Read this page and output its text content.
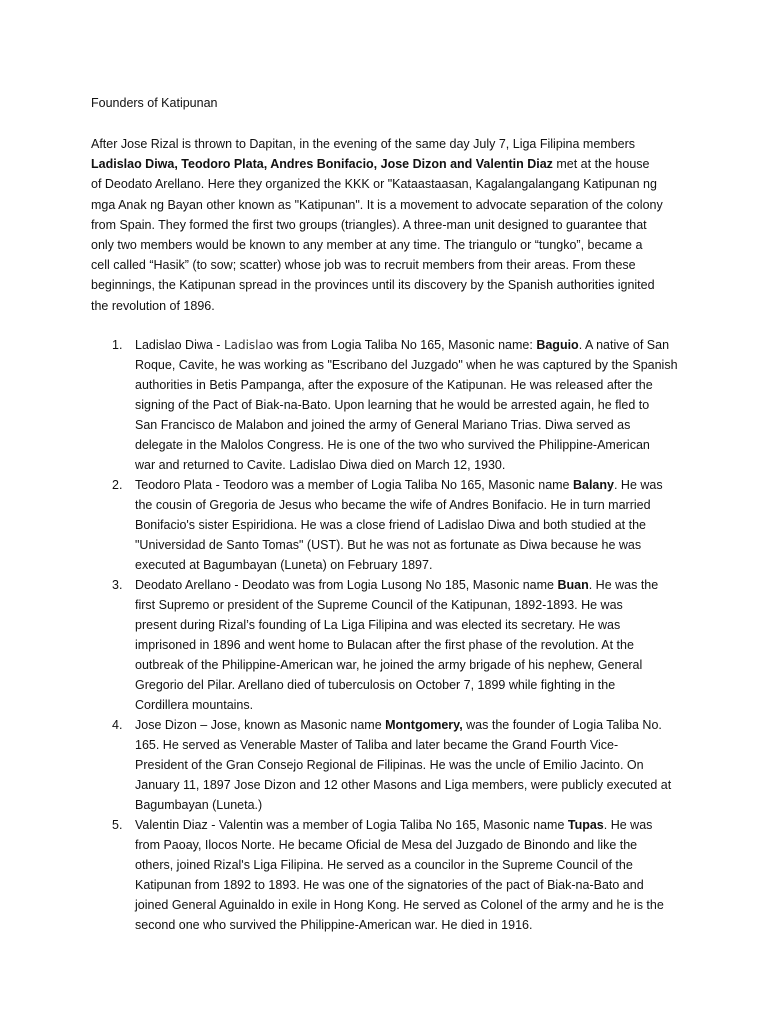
Founders of Katipunan

After Jose Rizal is thrown to Dapitan, in the evening of the same day July 7, Liga Filipina members
Ladislao Diwa, Teodoro Plata, Andres Bonifacio, Jose Dizon and Valentin Diaz met at the house
of Deodato Arellano. Here they organized the KKK or "Kataastaasan, Kagalangalangang Katipunan ng
mga Anak ng Bayan other known as "Katipunan". It is a movement to advocate separation of the colony
from Spain. They formed the first two groups (triangles). A three-man unit designed to guarantee that
only two members would be known to any member at any time. The triangulo or “tungko”, became a
cell called “Hasik” (to sow; scatter) whose job was to recruit members from their areas. From these
beginnings, the Katipunan spread in the provinces until its discovery by the Spanish authorities ignited
the revolution of 1896.

1. Ladislao Diwa - Ladislao was from Logia Taliba No 165, Masonic name: Baguio. A native of San
Roque, Cavite, he was working as "Escribano del Juzgado" when he was captured by the Spanish
authorities in Betis Pampanga, after the exposure of the Katipunan. He was released after the
signing of the Pact of Biak-na-Bato. Upon learning that he would be arrested again, he fled to
San Francisco de Malabon and joined the army of General Mariano Trias. Diwa served as
delegate in the Malolos Congress. He is one of the two who survived the Philippine-American
war and returned to Cavite. Ladislao Diwa died on March 12, 1930.
2. Teodoro Plata - Teodoro was a member of Logia Taliba No 165, Masonic name Balany. He was
the cousin of Gregoria de Jesus who became the wife of Andres Bonifacio. He in turn married
Bonifacio's sister Espiridiona. He was a close friend of Ladislao Diwa and both studied at the
"Universidad de Santo Tomas" (UST). But he was not as fortunate as Diwa because he was
executed at Bagumbayan (Luneta) on February 1897.
3. Deodato Arellano - Deodato was from Logia Lusong No 185, Masonic name Buan. He was the
first Supremo or president of the Supreme Council of the Katipunan, 1892-1893. He was
present during Rizal’s founding of La Liga Filipina and was elected its secretary. He was
imprisoned in 1896 and went home to Bulacan after the first phase of the revolution. At the
outbreak of the Philippine-American war, he joined the army brigade of his nephew, General
Gregorio del Pilar. Arellano died of tuberculosis on October 7, 1899 while fighting in the
Cordillera mountains.
4. Jose Dizon – Jose, known as Masonic name Montgomery, was the founder of Logia Taliba No.
165. He served as Venerable Master of Taliba and later became the Grand Fourth Vice-
President of the Gran Consejo Regional de Filipinas. He was the uncle of Emilio Jacinto. On
January 11, 1897 Jose Dizon and 12 other Masons and Liga members, were publicly executed at
Bagumbayan (Luneta.)
5. Valentin Diaz - Valentin was a member of Logia Taliba No 165, Masonic name Tupas. He was
from Paoay, Ilocos Norte. He became Oficial de Mesa del Juzgado de Binondo and like the
others, joined Rizal's Liga Filipina. He served as a councilor in the Supreme Council of the
Katipunan from 1892 to 1893. He was one of the signatories of the pact of Biak-na-Bato and
joined General Aguinaldo in exile in Hong Kong. He served as Colonel of the army and he is the
second one who survived the Philippine-American war. He died in 1916.
